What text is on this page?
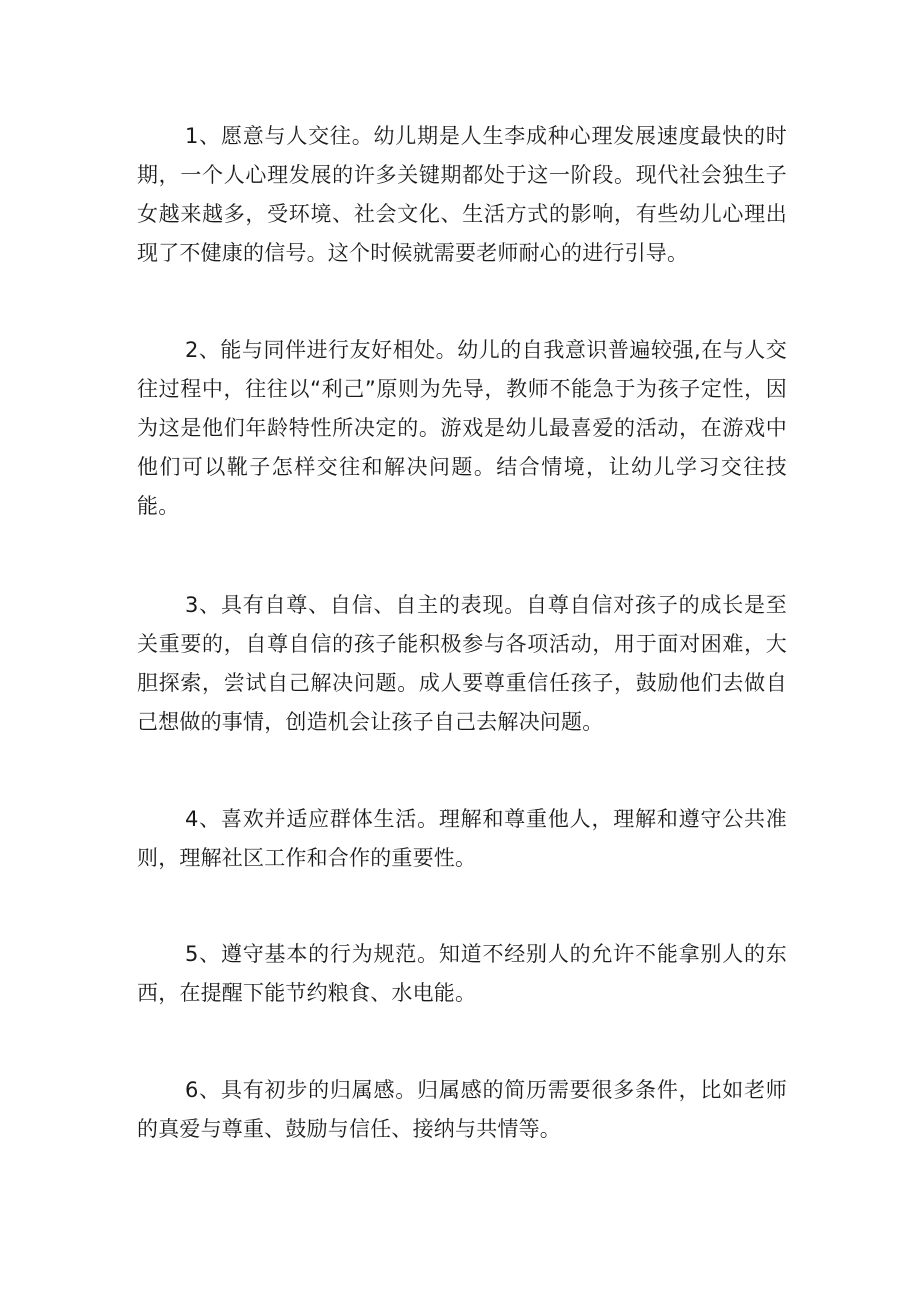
1、愿意与人交往。幼儿期是人生李成种心理发展速度最快的时期，一个人心理发展的许多关键期都处于这一阶段。现代社会独生子女越来越多，受环境、社会文化、生活方式的影响，有些幼儿心理出现了不健康的信号。这个时候就需要老师耐心的进行引导。

2、能与同伴进行友好相处。幼儿的自我意识普遍较强,在与人交往过程中，往往以“利己”原则为先导，教师不能急于为孩子定性，因为这是他们年龄特性所决定的。游戏是幼儿最喜爱的活动，在游戏中他们可以靴子怎样交往和解决问题。结合情境，让幼儿学习交往技能。

3、具有自尊、自信、自主的表现。自尊自信对孩子的成长是至关重要的，自尊自信的孩子能积极参与各项活动，用于面对困难，大胆探索，尝试自己解决问题。成人要尊重信任孩子，鼓励他们去做自己想做的事情，创造机会让孩子自己去解决问题。

4、喜欢并适应群体生活。理解和尊重他人，理解和遵守公共准则，理解社区工作和合作的重要性。

5、遵守基本的行为规范。知道不经别人的允许不能拿别人的东西，在提醒下能节约粮食、水电能。

6、具有初步的归属感。归属感的简历需要很多条件，比如老师的真爱与尊重、鼓励与信任、接纳与共情等。
